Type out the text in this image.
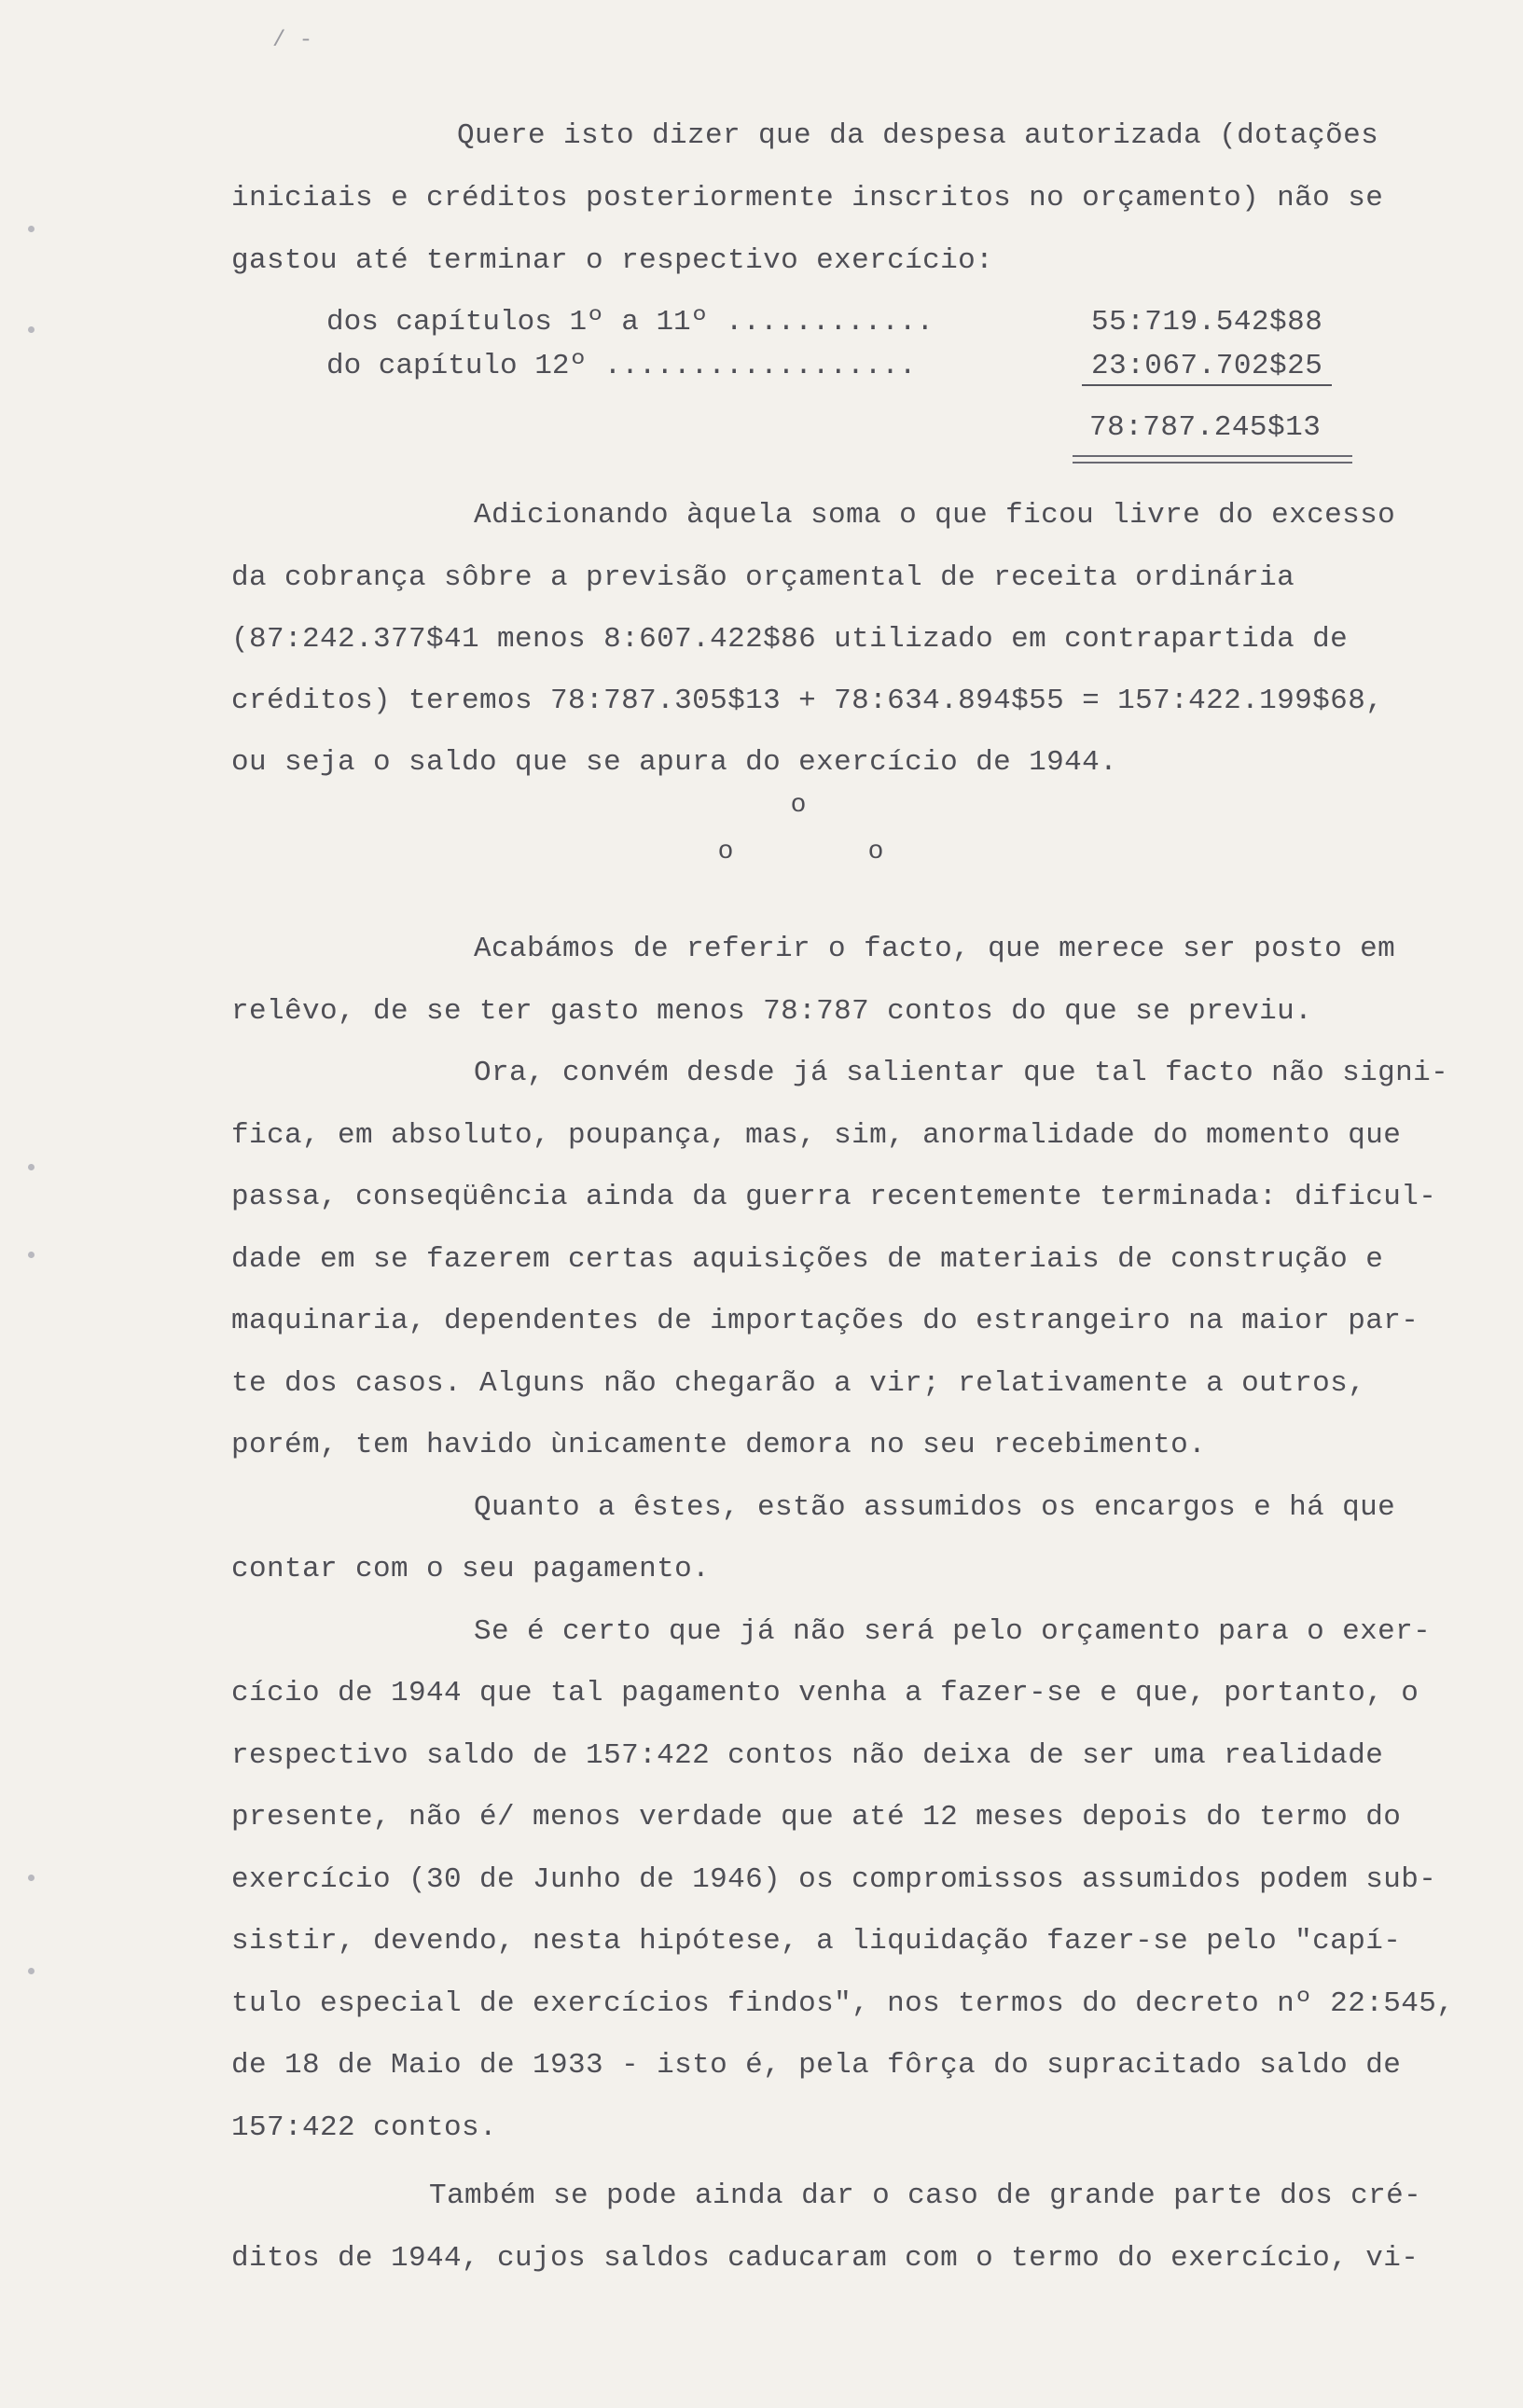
/ -
Quere isto dizer que da despesa autorizada (dotações
iniciais e créditos posteriormente inscritos no orçamento) não se
gastou até terminar o respectivo exercício:
dos capítulos 1º a 11º ............	55:719.542$88
do capítulo 12º ..................	23:067.702$25
78:787.245$13
Adicionando àquela soma o que ficou livre do excesso
da cobrança sôbre a previsão orçamental de receita ordinária
(87:242.377$41 menos 8:607.422$86 utilizado em contrapartida de
créditos) teremos 78:787.305$13 + 78:634.894$55 = 157:422.199$68,
ou seja o saldo que se apura do exercício de 1944.
o
o	o
Acabámos de referir o facto, que merece ser posto em
relêvo, de se ter gasto menos 78:787 contos do que se previu.
Ora, convém desde já salientar que tal facto não signi-
fica, em absoluto, poupança, mas, sim, anormalidade do momento que
passa, conseqüência ainda da guerra recentemente terminada: dificul-
dade em se fazerem certas aquisições de materiais de construção e
maquinaria, dependentes de importações do estrangeiro na maior par-
te dos casos. Alguns não chegarão a vir; relativamente a outros,
porém, tem havido ùnicamente demora no seu recebimento.
Quanto a êstes, estão assumidos os encargos e há que
contar com o seu pagamento.
Se é certo que já não será pelo orçamento para o exer-
cício de 1944 que tal pagamento venha a fazer-se e que, portanto, o
respectivo saldo de 157:422 contos não deixa de ser uma realidade
presente, não é/ menos verdade que até 12 meses depois do termo do
exercício (30 de Junho de 1946) os compromissos assumidos podem sub-
sistir, devendo, nesta hipótese, a liquidação fazer-se pelo "capí-
tulo especial de exercícios findos", nos termos do decreto nº 22:545,
de 18 de Maio de 1933 - isto é, pela fôrça do supracitado saldo de
157:422 contos.
Também se pode ainda dar o caso de grande parte dos cré-
ditos de 1944, cujos saldos caducaram com o termo do exercício, vi-
